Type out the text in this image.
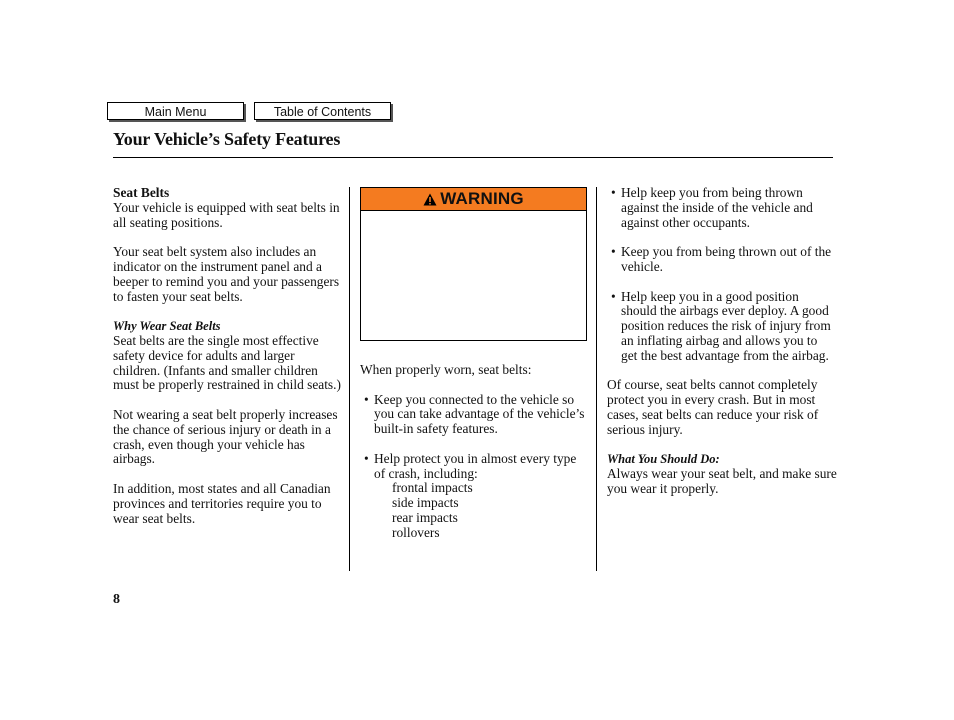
Main Menu	Table of Contents
Your Vehicle’s Safety Features
Seat Belts

Your vehicle is equipped with seat belts in all seating positions.

Your seat belt system also includes an indicator on the instrument panel and a beeper to remind you and your passengers to fasten your seat belts.

Why Wear Seat Belts

Seat belts are the single most effective safety device for adults and larger children. (Infants and smaller children must be properly restrained in child seats.)

Not wearing a seat belt properly increases the chance of serious injury or death in a crash, even though your vehicle has airbags.

In addition, most states and all Canadian provinces and territories require you to wear seat belts.

WARNING

When properly worn, seat belts:

• Keep you connected to the vehicle so you can take advantage of the vehicle’s built-in safety features.
• Help protect you in almost every type of crash, including:
frontal impacts
side impacts
rear impacts
rollovers
• Help keep you from being thrown against the inside of the vehicle and against other occupants.
• Keep you from being thrown out of the vehicle.
• Help keep you in a good position should the airbags ever deploy. A good position reduces the risk of injury from an inflating airbag and allows you to get the best advantage from the airbag.

Of course, seat belts cannot completely protect you in every crash. But in most cases, seat belts can reduce your risk of serious injury.

What You Should Do:

Always wear your seat belt, and make sure you wear it properly.

8
